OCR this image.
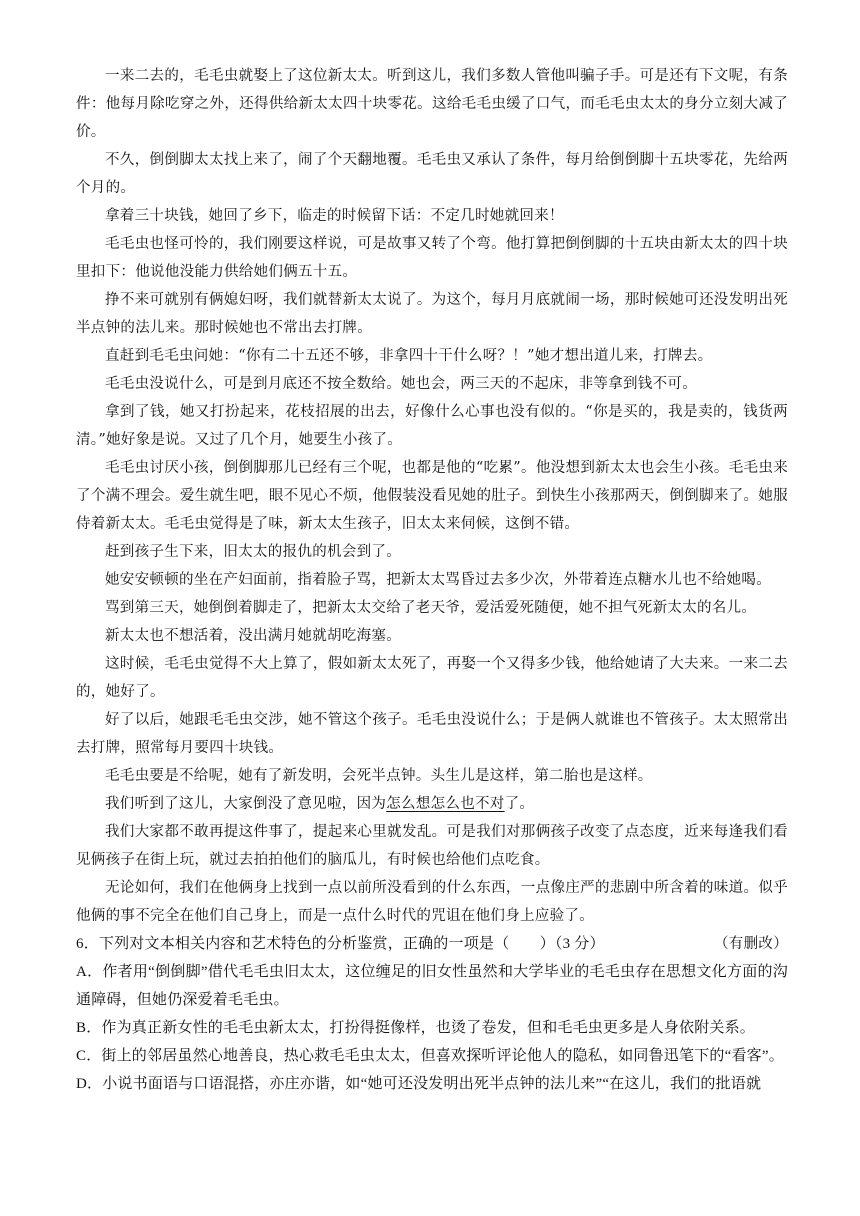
一来二去的，毛毛虫就娶上了这位新太太。听到这儿，我们多数人管他叫骗子手。可是还有下文呢，有条件：他每月除吃穿之外，还得供给新太太四十块零花。这给毛毛虫缓了口气，而毛毛虫太太的身分立刻大减了价。

不久，倒倒脚太太找上来了，闹了个天翻地覆。毛毛虫又承认了条件，每月给倒倒脚十五块零花，先给两个月的。

拿着三十块钱，她回了乡下，临走的时候留下话：不定几时她就回来！

毛毛虫也怪可怜的，我们刚要这样说，可是故事又转了个弯。他打算把倒倒脚的十五块由新太太的四十块里扣下：他说他没能力供给她们俩五十五。

挣不来可就别有俩媳妇呀，我们就替新太太说了。为这个，每月月底就闹一场，那时候她可还没发明出死半点钟的法儿来。那时候她也不常出去打牌。

直赶到毛毛虫问她：“你有二十五还不够，非拿四十干什么呀？！”她才想出道儿来，打牌去。

毛毛虫没说什么，可是到月底还不按全数给。她也会，两三天的不起床，非等拿到钱不可。

拿到了钱，她又打扮起来，花枝招展的出去，好像什么心事也没有似的。“你是买的，我是卖的，钱货两清。”她好象是说。又过了几个月，她要生小孩了。

毛毛虫讨厌小孩，倒倒脚那儿已经有三个呢，也都是他的“吃累”。他没想到新太太也会生小孩。毛毛虫来了个满不理会。爱生就生吧，眼不见心不烦，他假装没看见她的肚子。到快生小孩那两天，倒倒脚来了。她服侍着新太太。毛毛虫觉得是了味，新太太生孩子，旧太太来伺候，这倒不错。

赶到孩子生下来，旧太太的报仇的机会到了。

她安安顿顿的坐在产妇面前，指着脸子骂，把新太太骂昏过去多少次，外带着连点糖水儿也不给她喝。

骂到第三天，她倒倒着脚走了，把新太太交给了老天爷，爱活爱死随便，她不担气死新太太的名儿。

新太太也不想活着，没出满月她就胡吃海塞。

这时候，毛毛虫觉得不大上算了，假如新太太死了，再娶一个又得多少钱，他给她请了大夫来。一来二去的，她好了。

好了以后，她跟毛毛虫交涉，她不管这个孩子。毛毛虫没说什么；于是俩人就谁也不管孩子。太太照常出去打牌，照常每月要四十块钱。

毛毛虫要是不给呢，她有了新发明，会死半点钟。头生儿是这样，第二胎也是这样。

我们听到了这儿，大家倒没了意见啦，因为怎么想怎么也不对了。

我们大家都不敢再提这件事了，提起来心里就发乱。可是我们对那俩孩子改变了点态度，近来每逢我们看见俩孩子在街上玩，就过去拍拍他们的脑瓜儿，有时候也给他们点吃食。

无论如何，我们在他俩身上找到一点以前所没看到的什么东西，一点像庄严的悲剧中所含着的味道。似乎他俩的事不完全在他们自己身上，而是一点什么时代的咒诅在他们身上应验了。

（有删改）

6．下列对文本相关内容和艺术特色的分析鉴赏，正确的一项是（　　）（3 分）

A．作者用“倒倒脚”借代毛毛虫旧太太，这位缠足的旧女性虽然和大学毕业的毛毛虫存在思想文化方面的沟通障碍，但她仍深爱着毛毛虫。

B．作为真正新女性的毛毛虫新太太，打扮得挺像样，也烫了卷发，但和毛毛虫更多是人身依附关系。

C．街上的邻居虽然心地善良，热心救毛毛虫太太，但喜欢探听评论他人的隐私，如同鲁迅笔下的“看客”。

D．小说书面语与口语混搭，亦庄亦谐，如“她可还没发明出死半点钟的法儿来”“在这儿，我们的批语就
